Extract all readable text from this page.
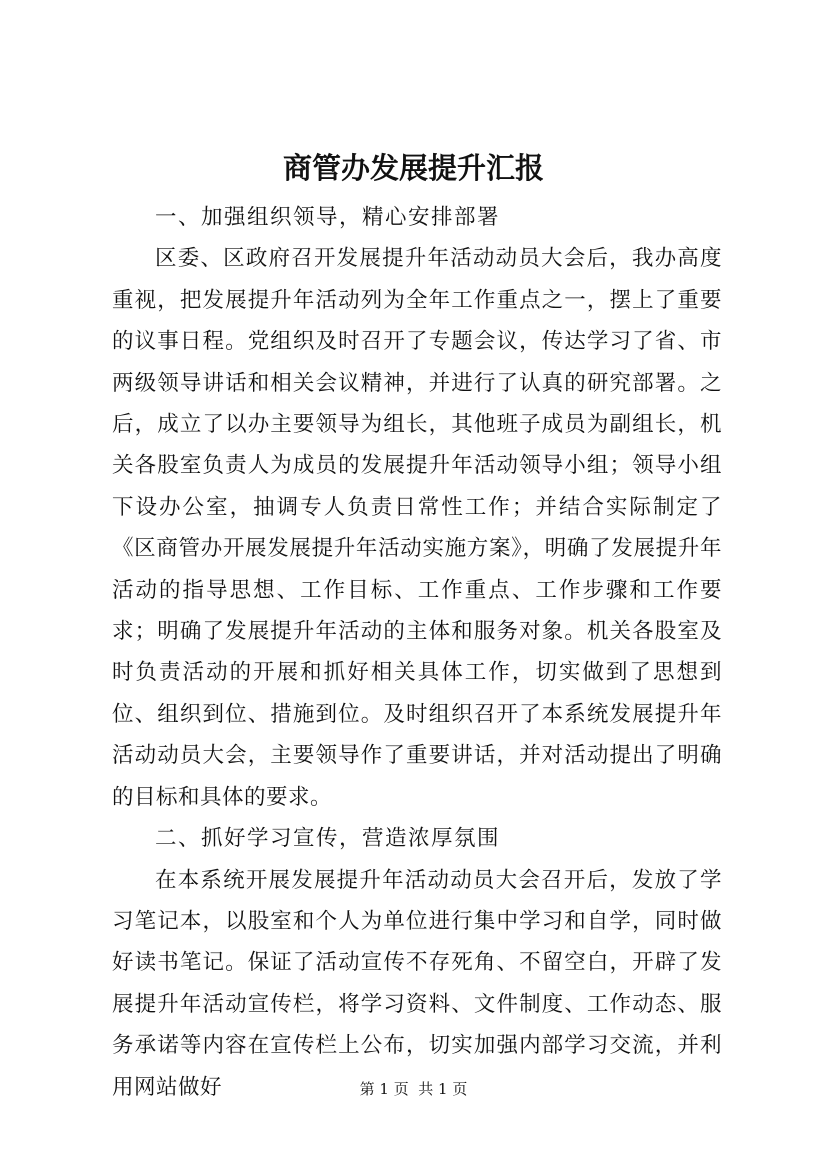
商管办发展提升汇报

一、加强组织领导，精心安排部署

区委、区政府召开发展提升年活动动员大会后，我办高度重视，把发展提升年活动列为全年工作重点之一，摆上了重要的议事日程。党组织及时召开了专题会议，传达学习了省、市两级领导讲话和相关会议精神，并进行了认真的研究部署。之后，成立了以办主要领导为组长，其他班子成员为副组长，机关各股室负责人为成员的发展提升年活动领导小组；领导小组下设办公室，抽调专人负责日常性工作；并结合实际制定了《区商管办开展发展提升年活动实施方案》，明确了发展提升年活动的指导思想、工作目标、工作重点、工作步骤和工作要求；明确了发展提升年活动的主体和服务对象。机关各股室及时负责活动的开展和抓好相关具体工作，切实做到了思想到位、组织到位、措施到位。及时组织召开了本系统发展提升年活动动员大会，主要领导作了重要讲话，并对活动提出了明确的目标和具体的要求。

二、抓好学习宣传，营造浓厚氛围

在本系统开展发展提升年活动动员大会召开后，发放了学习笔记本，以股室和个人为单位进行集中学习和自学，同时做好读书笔记。保证了活动宣传不存死角、不留空白，开辟了发展提升年活动宣传栏，将学习资料、文件制度、工作动态、服务承诺等内容在宣传栏上公布，切实加强内部学习交流，并利用网站做好	第 1 页  共 1 页
